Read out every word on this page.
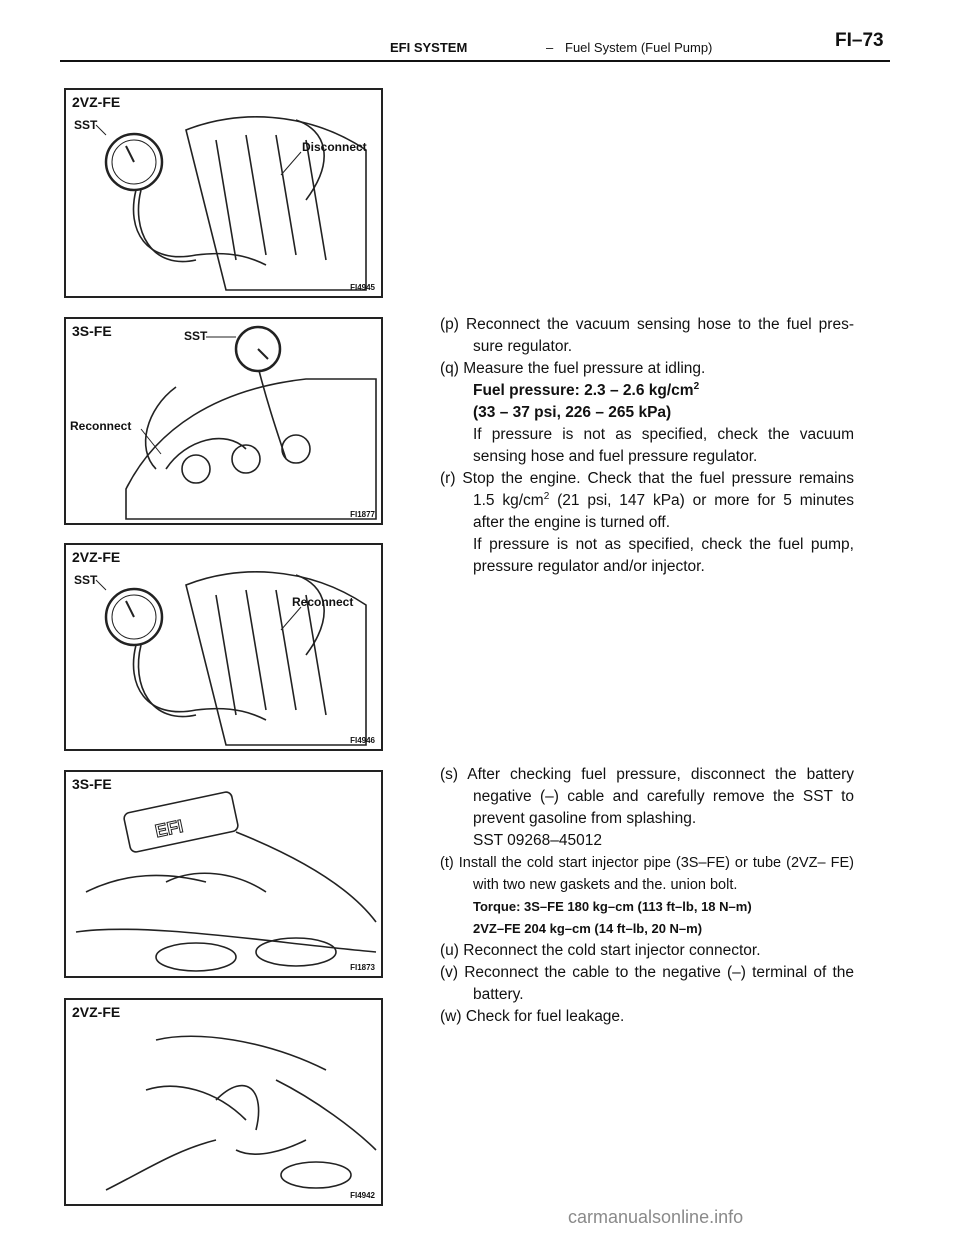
EFI SYSTEM	– Fuel System (Fuel Pump)	FI–73
2VZ-FE
SST
Disconnect
FI4945
3S-FE	SST
Reconnect
FI1877
2VZ-FE
SST
Reconnect
FI4946
EFI
3S-FE
FI1873
2VZ-FE
FI4942

(p) Reconnect the vacuum sensing hose to the fuel pres- sure regulator.

(q) Measure the fuel pressure at idling.

Fuel pressure: 2.3 – 2.6 $kg/cm^2$

(33 – 37 psi, 226 – 265 kPa)

If pressure is not as specified, check the vacuum sensing hose and fuel pressure regulator.

(r) Stop the engine. Check that the fuel pressure remains 1.5 $kg/cm^2$ (21 psi, 147 kPa) or more for 5 minutes after the engine is turned off.

If pressure is not as specified, check the fuel pump, pressure regulator and/or injector.

(s) After checking fuel pressure, disconnect the battery negative (–) cable and carefully remove the SST to prevent gasoline from splashing.

SST 09268–45012

(t) Install the cold start injector pipe (3S–FE) or tube (2VZ– FE) with two new gaskets and the. union bolt.

Torque: 3S–FE 180 kg–cm (113 ft–lb, 18 N–m)

2VZ–FE 204 kg–cm (14 ft–lb, 20 N–m)

(u) Reconnect the cold start injector connector.

(v) Reconnect the cable to the negative (–) terminal of the battery.

(w) Check for fuel leakage.

carmanualsonline.info
